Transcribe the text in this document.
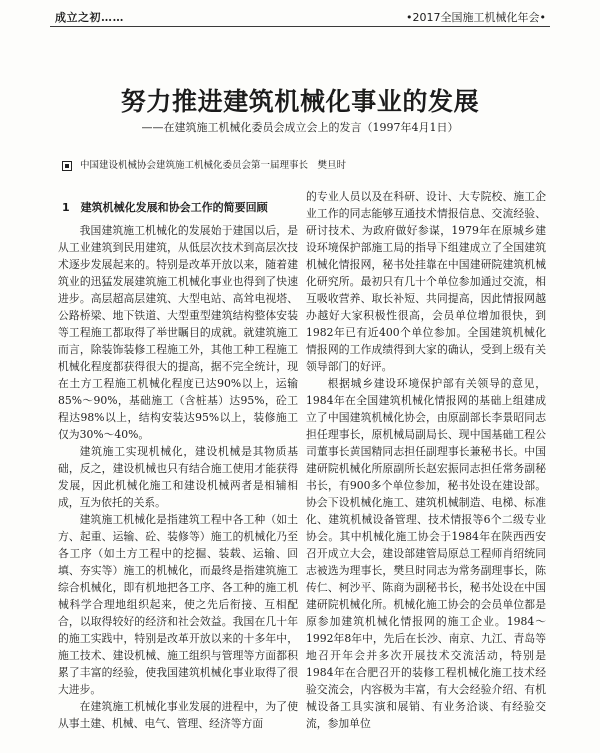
成立之初……	•2017全国施工机械化年会•
努力推进建筑机械化事业的发展
——在建筑施工机械化委员会成立会上的发言（1997年4月1日）
中国建设机械协会建筑施工机械化委员会第一届理事长　樊旦时
1　建筑机械化发展和协会工作的简要回顾

我国建筑施工机械化的发展始于建国以后，是从工业建筑到民用建筑，从低层次技术到高层次技术逐步发展起来的。特别是改革开放以来，随着建筑业的迅猛发展建筑施工机械化事业也得到了快速进步。高层超高层建筑、大型电站、高耸电视塔、公路桥梁、地下铁道、大型重型建筑结构整体安装等工程施工都取得了举世瞩目的成就。就建筑施工而言，除装饰装修工程施工外，其他工种工程施工机械化程度都获得很大的提高，据不完全统计，现在土方工程施工机械化程度已达90%以上，运输85%～90%，基础施工（含桩基）达95%，砼工程达98%以上，结构安装达95%以上，装修施工仅为30%～40%。

建筑施工实现机械化，建设机械是其物质基础，反之，建设机械也只有结合施工使用才能获得发展，因此机械化施工和建设机械两者是相辅相成，互为依托的关系。

建筑施工机械化是指建筑工程中各工种（如土方、起重、运输、砼、装修等）施工的机械化乃至各工序（如土方工程中的挖掘、装载、运输、回填、夯实等）施工的机械化，而最终是指建筑施工综合机械化，即有机地把各工序、各工种的施工机械科学合理地组织起来，使之先后衔接、互相配合，以取得较好的经济和社会效益。我国在几十年的施工实践中，特别是改革开放以来的十多年中，施工技术、建设机械、施工组织与管理等方面都积累了丰富的经验，使我国建筑机械化事业取得了很大进步。

在建筑施工机械化事业发展的进程中，为了使从事土建、机械、电气、管理、经济等方面

的专业人员以及在科研、设计、大专院校、施工企业工作的同志能够互通技术情报信息、交流经验、研讨技术、为政府做好参谋，1979年在原城乡建设环境保护部施工局的指导下组建成立了全国建筑机械化情报网，秘书处挂靠在中国建研院建筑机械化研究所。最初只有几十个单位参加通过交流，相互吸收营养、取长补短、共同提高，因此情报网越办越好大家积极性很高，会员单位增加很快，到1982年已有近400个单位参加。全国建筑机械化情报网的工作成绩得到大家的确认，受到上级有关领导部门的好评。

根据城乡建设环境保护部有关领导的意见，1984年在全国建筑机械化情报网的基础上组建成立了中国建筑机械化协会，由原副部长李景昭同志担任理事长，原机械局副局长、现中国基础工程公司董事长黄国精同志担任副理事长兼秘书长。中国建研院机械化所原副所长赵宏振同志担任常务副秘书长，有900多个单位参加，秘书处设在建设部。协会下设机械化施工、建筑机械制造、电梯、标准化、建筑机械设备管理、技术情报等6个二级专业协会。其中机械化施工协会于1984年在陕西西安召开成立大会，建设部建管局原总工程师肖绍统同志被选为理事长，樊旦时同志为常务副理事长，陈传仁、柯沙平、陈商为副秘书长，秘书处设在中国建研院机械化所。机械化施工协会的会员单位都是原参加建筑机械化情报网的施工企业。1984～1992年8年中，先后在长沙、南京、九江、青岛等地召开年会并多次开展技术交流活动，特别是1984年在合肥召开的装修工程机械化施工技术经验交流会，内容极为丰富，有大会经验介绍、有机械设备工具实演和展销、有业务洽谈、有经验交流，参加单位
